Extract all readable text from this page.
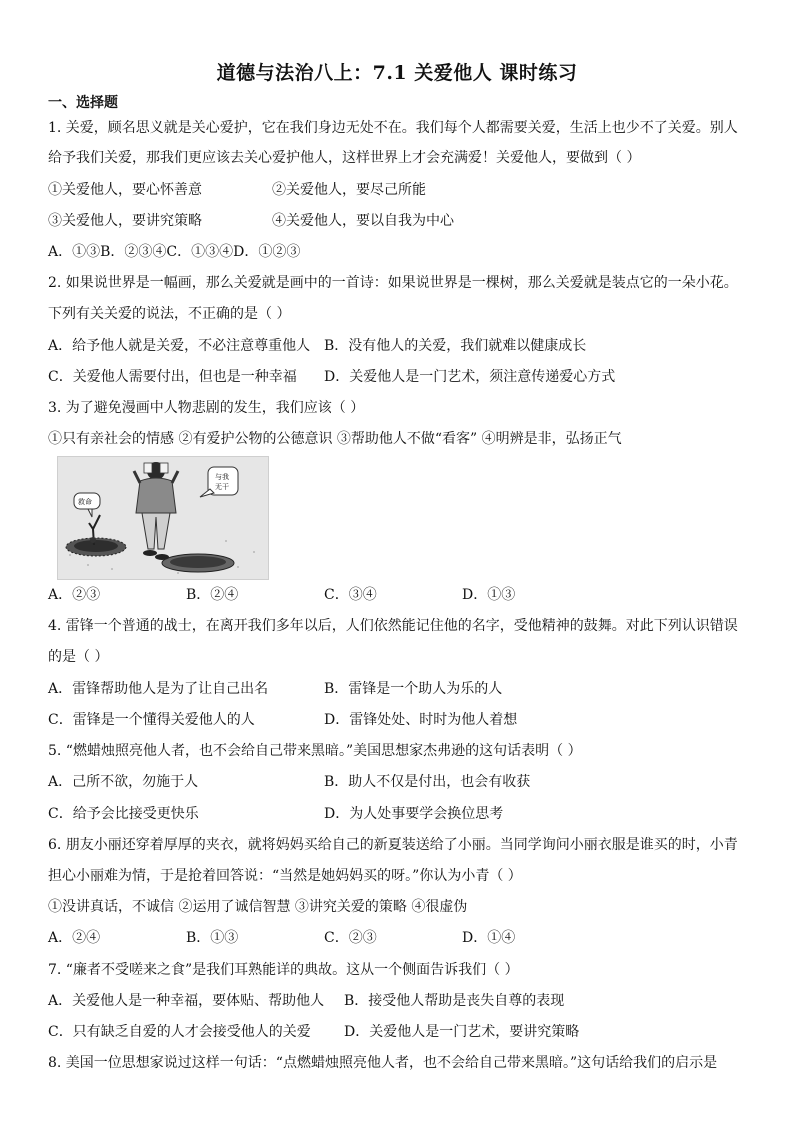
道德与法治八上：7.1 关爱他人 课时练习
一、选择题
1. 关爱，顾名思义就是关心爱护，它在我们身边无处不在。我们每个人都需要关爱，生活上也少不了关爱。别人
给予我们关爱，那我们更应该去关心爱护他人，这样世界上才会充满爱！关爱他人，要做到（ ）
①关爱他人，要心怀善意	②关爱他人，要尽己所能
③关爱他人，要讲究策略	④关爱他人，要以自我为中心
A．①③B．②③④C．①③④D．①②③
2. 如果说世界是一幅画，那么关爱就是画中的一首诗：如果说世界是一棵树，那么关爱就是装点它的一朵小花。
下列有关关爱的说法，不正确的是（ ）
A．给予他人就是关爱，不必注意尊重他人 B．没有他人的关爱，我们就难以健康成长
C．关爱他人需要付出，但也是一种幸福 D．关爱他人是一门艺术，须注意传递爱心方式
3. 为了避免漫画中人物悲剧的发生，我们应该（ ）
①只有亲社会的情感 ②有爱护公物的公德意识 ③帮助他人不做“看客” ④明辨是非，弘扬正气
救命
与我
无干
A．②③	B．②④	C．③④	D．①③
4. 雷锋一个普通的战士，在离开我们多年以后，人们依然能记住他的名字，受他精神的鼓舞。对此下列认识错误
的是（ ）
A．雷锋帮助他人是为了让自己出名	B．雷锋是一个助人为乐的人
C．雷锋是一个懂得关爱他人的人	D．雷锋处处、时时为他人着想
5. “燃蜡烛照亮他人者，也不会给自己带来黑暗。”美国思想家杰弗逊的这句话表明（ ）
A．己所不欲，勿施于人	B．助人不仅是付出，也会有收获
C．给予会比接受更快乐	D．为人处事要学会换位思考
6. 朋友小丽还穿着厚厚的夹衣，就将妈妈买给自己的新夏装送给了小丽。当同学询问小丽衣服是谁买的时，小青
担心小丽难为情，于是抢着回答说：“当然是她妈妈买的呀。”你认为小青（ ）
①没讲真话，不诚信 ②运用了诚信智慧 ③讲究关爱的策略 ④很虚伪
A．②④	B．①③	C．②③	D．①④
7. “廉者不受嗟来之食”是我们耳熟能详的典故。这从一个侧面告诉我们（ ）
A．关爱他人是一种幸福，要体贴、帮助他人 B．接受他人帮助是丧失自尊的表现
C．只有缺乏自爱的人才会接受他人的关爱 D．关爱他人是一门艺术，要讲究策略
8. 美国一位思想家说过这样一句话：“点燃蜡烛照亮他人者，也不会给自己带来黑暗。”这句话给我们的启示是
